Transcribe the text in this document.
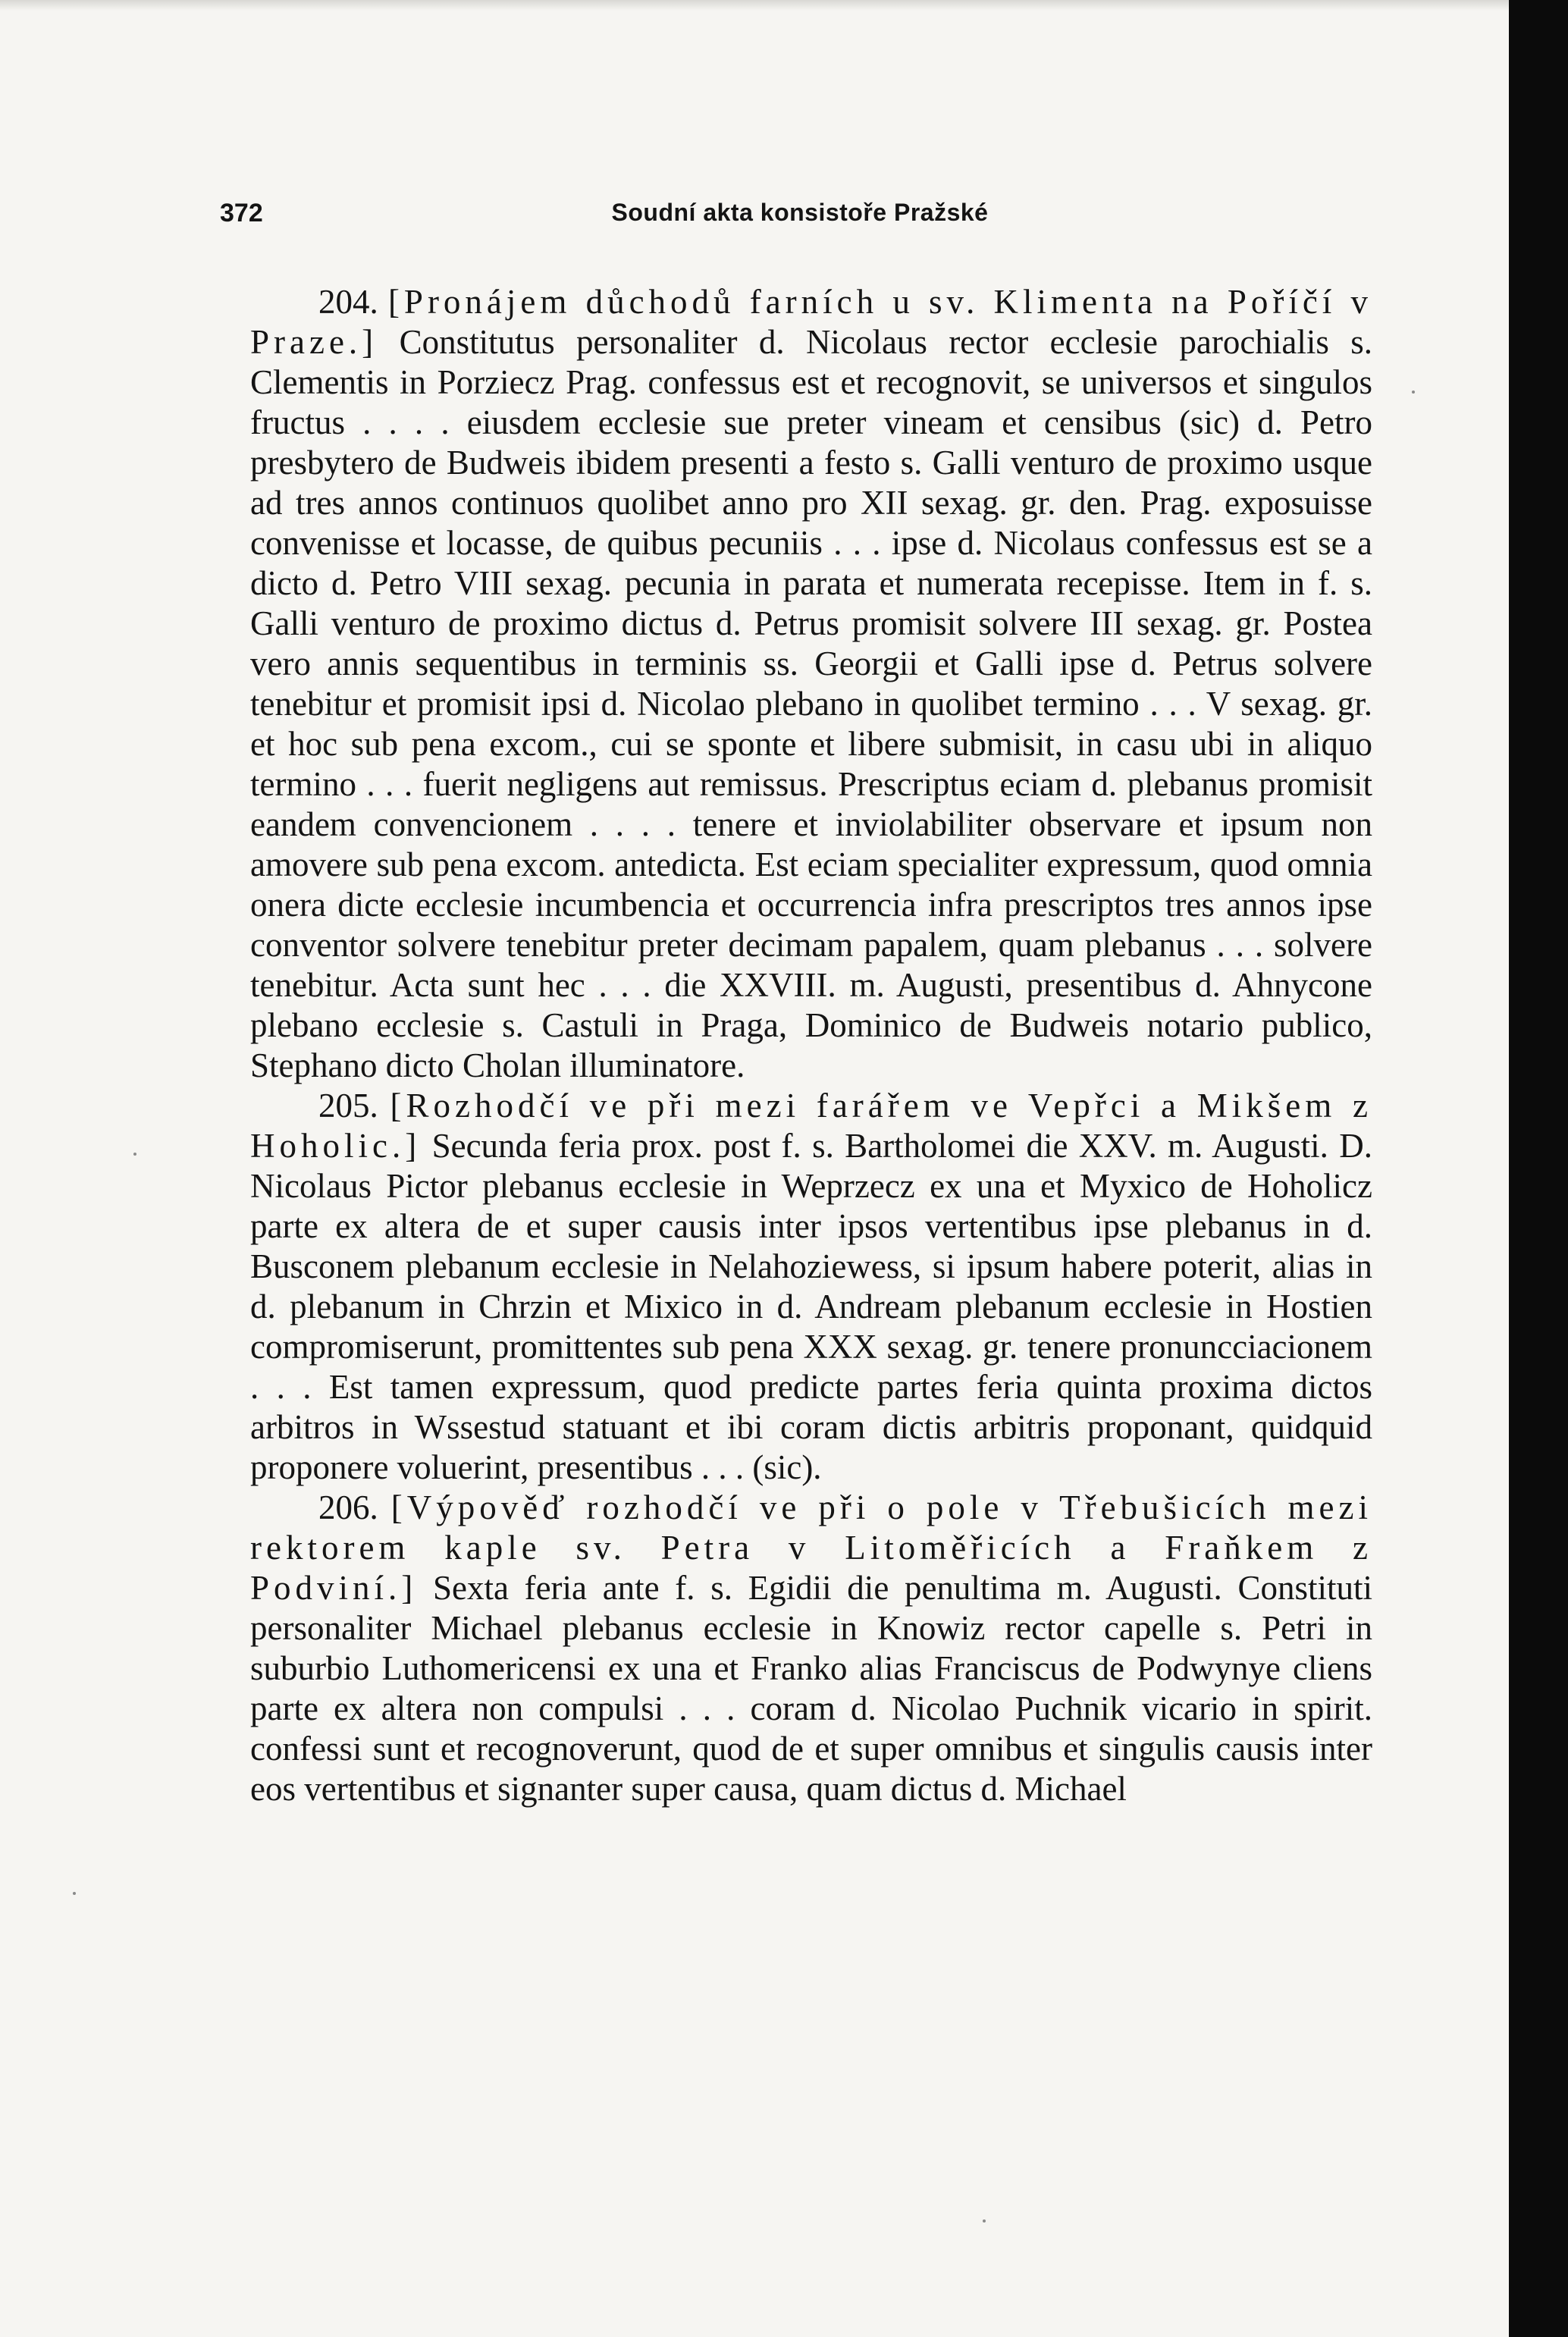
372	Soudní akta konsistoře Pražské

204. [Pronájem důchodů farních u sv. Klimenta na Poříčí v Praze.] Constitutus personaliter d. Nicolaus rector ecclesie parochialis s. Clementis in Porziecz Prag. confessus est et recognovit, se universos et singulos fructus . . . . eiusdem ecclesie sue preter vineam et censibus (sic) d. Petro presbytero de Budweis ibidem presenti a festo s. Galli venturo de proximo usque ad tres annos continuos quolibet anno pro XII sexag. gr. den. Prag. exposuisse convenisse et locasse, de quibus pecuniis . . . ipse d. Nicolaus confessus est se a dicto d. Petro VIII sexag. pecunia in parata et numerata recepisse. Item in f. s. Galli venturo de proximo dictus d. Petrus promisit solvere III sexag. gr. Postea vero annis sequentibus in terminis ss. Georgii et Galli ipse d. Petrus solvere tenebitur et promisit ipsi d. Nicolao plebano in quolibet termino . . . V sexag. gr. et hoc sub pena excom., cui se sponte et libere submisit, in casu ubi in aliquo termino . . . fuerit negligens aut remissus. Prescriptus eciam d. plebanus promisit eandem convencionem . . . . tenere et inviolabiliter observare et ipsum non amovere sub pena excom. antedicta. Est eciam specialiter expressum, quod omnia onera dicte ecclesie incumbencia et occurrencia infra prescriptos tres annos ipse conventor solvere tenebitur preter decimam papalem, quam plebanus . . . solvere tenebitur. Acta sunt hec . . . die XXVIII. m. Augusti, presentibus d. Ahnycone plebano ecclesie s. Castuli in Praga, Dominico de Budweis notario publico, Stephano dicto Cholan illuminatore.

205. [Rozhodčí ve při mezi farářem ve Vepřci a Mikšem z Hoholic.] Secunda feria prox. post f. s. Bartholomei die XXV. m. Augusti. D. Nicolaus Pictor plebanus ecclesie in Weprzecz ex una et Myxico de Hoholicz parte ex altera de et super causis inter ipsos vertentibus ipse plebanus in d. Busconem plebanum ecclesie in Nelahoziewess, si ipsum habere poterit, alias in d. plebanum in Chrzin et Mixico in d. Andream plebanum ecclesie in Hostien compromiserunt, promittentes sub pena XXX sexag. gr. tenere pronuncciacionem . . . Est tamen expressum, quod predicte partes feria quinta proxima dictos arbitros in Wssestud statuant et ibi coram dictis arbitris proponant, quidquid proponere voluerint, presentibus . . . (sic).

206. [Výpověď rozhodčí ve při o pole v Třebušicích mezi rektorem kaple sv. Petra v Litoměřicích a Fraňkem z Podviní.] Sexta feria ante f. s. Egidii die penultima m. Augusti. Constituti personaliter Michael plebanus ecclesie in Knowiz rector capelle s. Petri in suburbio Luthomericensi ex una et Franko alias Franciscus de Podwynye cliens parte ex altera non compulsi . . . coram d. Nicolao Puchnik vicario in spirit. confessi sunt et recognoverunt, quod de et super omnibus et singulis causis inter eos vertentibus et signanter super causa, quam dictus d. Michael
